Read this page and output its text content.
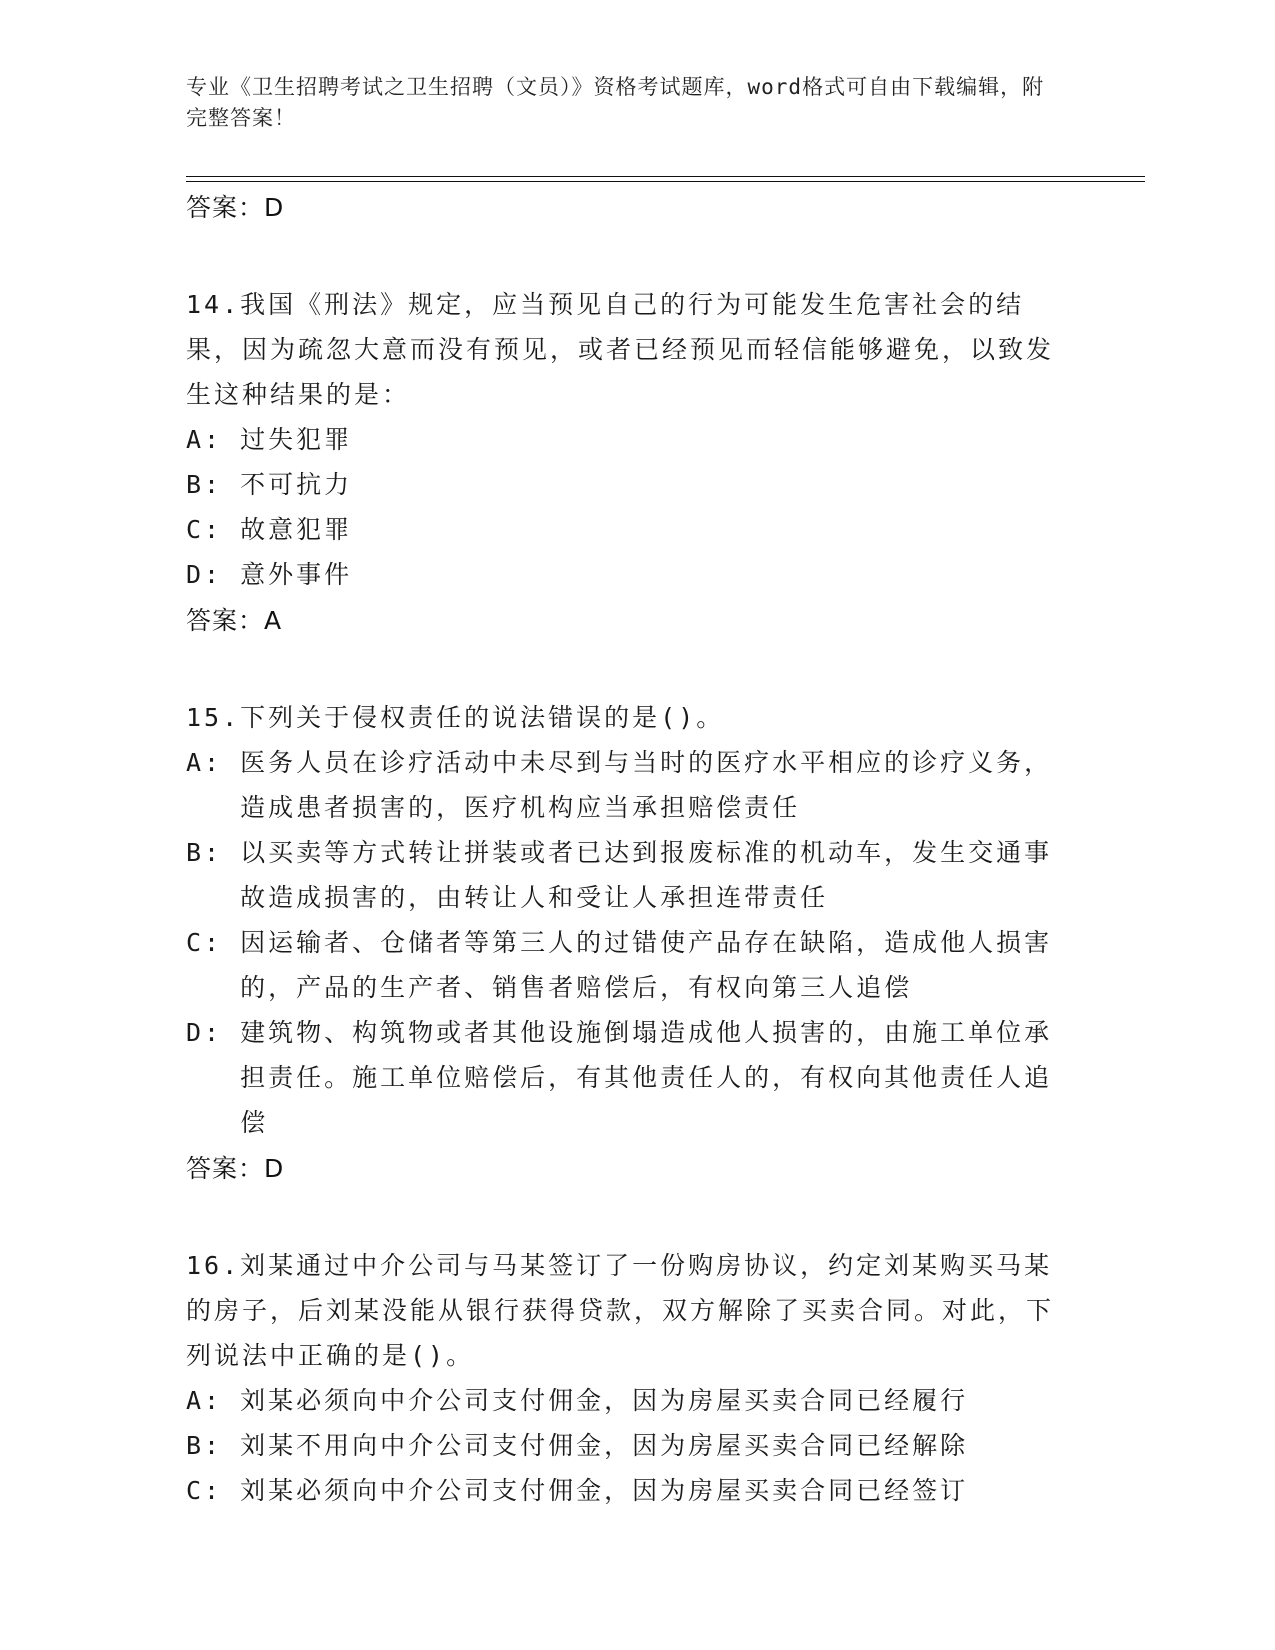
专业《卫生招聘考试之卫生招聘（文员）》资格考试题库，word格式可自由下载编辑，附完整答案！
答案：D

14.我国《刑法》规定，应当预见自己的行为可能发生危害社会的结果，因为疏忽大意而没有预见，或者已经预见而轻信能够避免，以致发生这种结果的是：

A: 过失犯罪
B: 不可抗力
C: 故意犯罪
D: 意外事件
答案：A

15.下列关于侵权责任的说法错误的是()。

A: 医务人员在诊疗活动中未尽到与当时的医疗水平相应的诊疗义务，造成患者损害的，医疗机构应当承担赔偿责任
B: 以买卖等方式转让拼装或者已达到报废标准的机动车，发生交通事故造成损害的，由转让人和受让人承担连带责任
C: 因运输者、仓储者等第三人的过错使产品存在缺陷，造成他人损害的，产品的生产者、销售者赔偿后，有权向第三人追偿
D: 建筑物、构筑物或者其他设施倒塌造成他人损害的，由施工单位承担责任。施工单位赔偿后，有其他责任人的，有权向其他责任人追偿
答案：D

16.刘某通过中介公司与马某签订了一份购房协议，约定刘某购买马某的房子，后刘某没能从银行获得贷款，双方解除了买卖合同。对此，下列说法中正确的是()。

A: 刘某必须向中介公司支付佣金，因为房屋买卖合同已经履行
B: 刘某不用向中介公司支付佣金，因为房屋买卖合同已经解除
C: 刘某必须向中介公司支付佣金，因为房屋买卖合同已经签订
